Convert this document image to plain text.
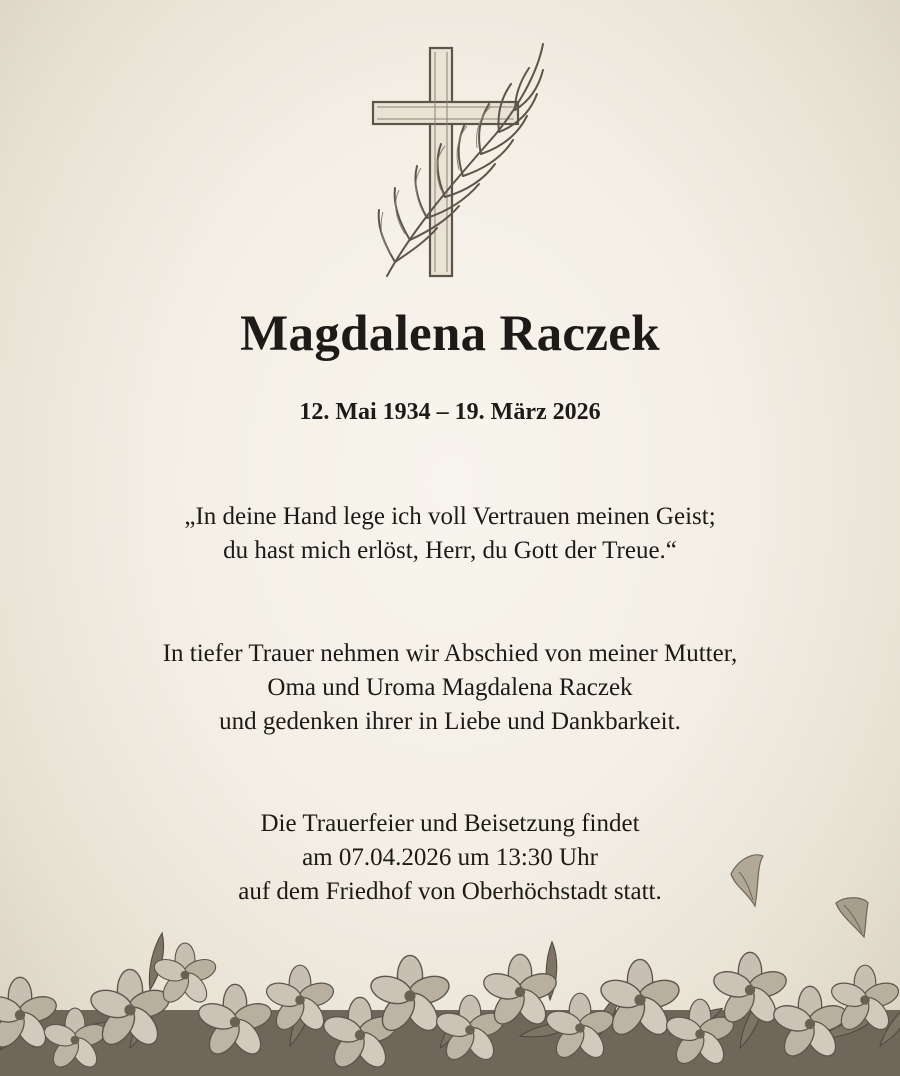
Magdalena Raczek
12. Mai 1934 – 19. März 2026
„In deine Hand lege ich voll Vertrauen meinen Geist;
du hast mich erlöst, Herr, du Gott der Treue.“
In tiefer Trauer nehmen wir Abschied von meiner Mutter,
Oma und Uroma Magdalena Raczek
und gedenken ihrer in Liebe und Dankbarkeit.
Die Trauerfeier und Beisetzung findet
am 07.04.2026 um 13:30 Uhr
auf dem Friedhof von Oberhöchstadt statt.
